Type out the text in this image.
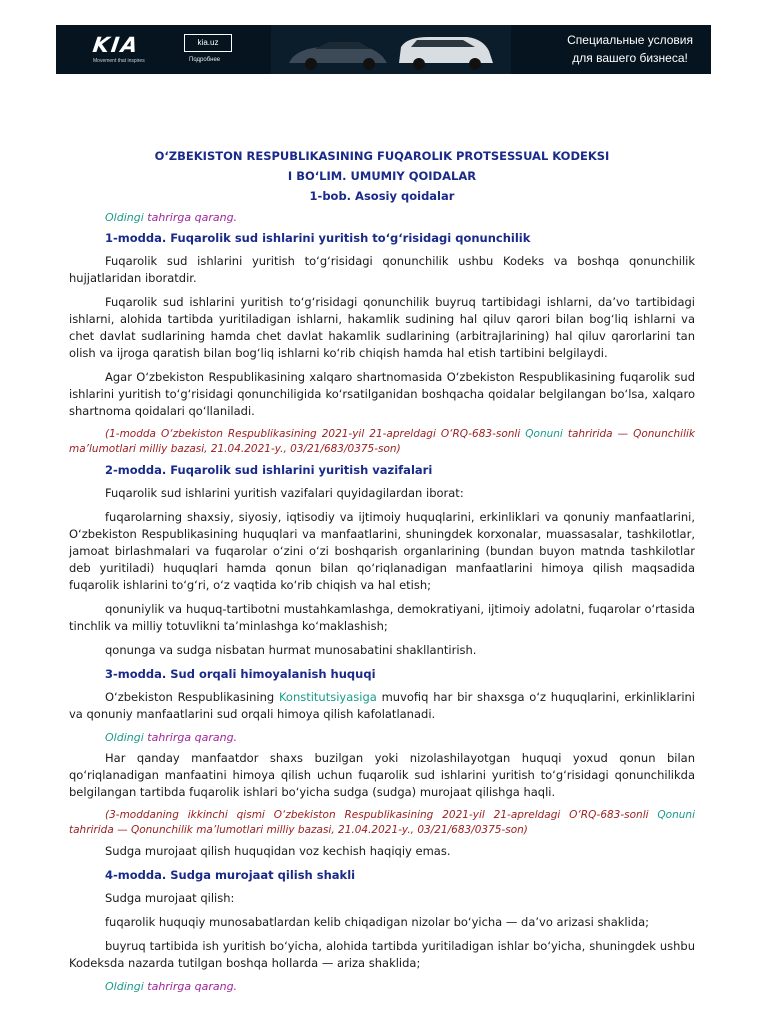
KIA
Movement that inspires
kia.uz
Подробнее
Специальные условия
для вашего бизнеса!

O‘ZBEKISTON RESPUBLIKASINING FUQAROLIK PROTSESSUAL KODEKSI

I BO‘LIM. UMUMIY QOIDALAR

1-bob. Asosiy qoidalar

Oldingi tahrirga qarang.
1-modda. Fuqarolik sud ishlarini yuritish to‘g‘risidagi qonunchilik

Fuqarolik sud ishlarini yuritish to‘g‘risidagi qonunchilik ushbu Kodeks va boshqa qonunchilik hujjatlaridan iboratdir.

Fuqarolik sud ishlarini yuritish to‘g‘risidagi qonunchilik buyruq tartibidagi ishlarni, da’vo tartibidagi ishlarni, alohida tartibda yuritiladigan ishlarni, hakamlik sudining hal qiluv qarori bilan bog‘liq ishlarni va chet davlat sudlarining hamda chet davlat hakamlik sudlarining (arbitrajlarining) hal qiluv qarorlarini tan olish va ijroga qaratish bilan bog‘liq ishlarni ko‘rib chiqish hamda hal etish tartibini belgilaydi.

Agar O‘zbekiston Respublikasining xalqaro shartnomasida O‘zbekiston Respublikasining fuqarolik sud ishlarini yuritish to‘g‘risidagi qonunchiligida ko‘rsatilganidan boshqacha qoidalar belgilangan bo‘lsa, xalqaro shartnoma qoidalari qo‘llaniladi.

(1-modda O‘zbekiston Respublikasining 2021-yil 21-apreldagi O‘RQ-683-sonli Qonuni tahririda — Qonunchilik ma’lumotlari milliy bazasi, 21.04.2021-y., 03/21/683/0375-son)

2-modda. Fuqarolik sud ishlarini yuritish vazifalari

Fuqarolik sud ishlarini yuritish vazifalari quyidagilardan iborat:

fuqarolarning shaxsiy, siyosiy, iqtisodiy va ijtimoiy huquqlarini, erkinliklari va qonuniy manfaatlarini, O‘zbekiston Respublikasining huquqlari va manfaatlarini, shuningdek korxonalar, muassasalar, tashkilotlar, jamoat birlashmalari va fuqarolar o‘zini o‘zi boshqarish organlarining (bundan buyon matnda tashkilotlar deb yuritiladi) huquqlari hamda qonun bilan qo‘riqlanadigan manfaatlarini himoya qilish maqsadida fuqarolik ishlarini to‘g‘ri, o‘z vaqtida ko‘rib chiqish va hal etish;

qonuniylik va huquq-tartibotni mustahkamlashga, demokratiyani, ijtimoiy adolatni, fuqarolar o‘rtasida tinchlik va milliy totuvlikni ta’minlashga ko‘maklashish;

qonunga va sudga nisbatan hurmat munosabatini shakllantirish.

3-modda. Sud orqali himoyalanish huquqi

O‘zbekiston Respublikasining Konstitutsiyasiga muvofiq har bir shaxsga o‘z huquqlarini, erkinliklarini va qonuniy manfaatlarini sud orqali himoya qilish kafolatlanadi.

Oldingi tahrirga qarang.

Har qanday manfaatdor shaxs buzilgan yoki nizolashilayotgan huquqi yoxud qonun bilan qo‘riqlanadigan manfaatini himoya qilish uchun fuqarolik sud ishlarini yuritish to‘g‘risidagi qonunchilikda belgilangan tartibda fuqarolik ishlari bo‘yicha sudga (sudga) murojaat qilishga haqli.

(3-moddaning ikkinchi qismi O‘zbekiston Respublikasining 2021-yil 21-apreldagi O‘RQ-683-sonli Qonuni tahririda — Qonunchilik ma’lumotlari milliy bazasi, 21.04.2021-y., 03/21/683/0375-son)

Sudga murojaat qilish huquqidan voz kechish haqiqiy emas.

4-modda. Sudga murojaat qilish shakli

Sudga murojaat qilish:

fuqarolik huquqiy munosabatlardan kelib chiqadigan nizolar bo‘yicha — da’vo arizasi shaklida;

buyruq tartibida ish yuritish bo‘yicha, alohida tartibda yuritiladigan ishlar bo‘yicha, shuningdek ushbu Kodeksda nazarda tutilgan boshqa hollarda — ariza shaklida;

Oldingi tahrirga qarang.
